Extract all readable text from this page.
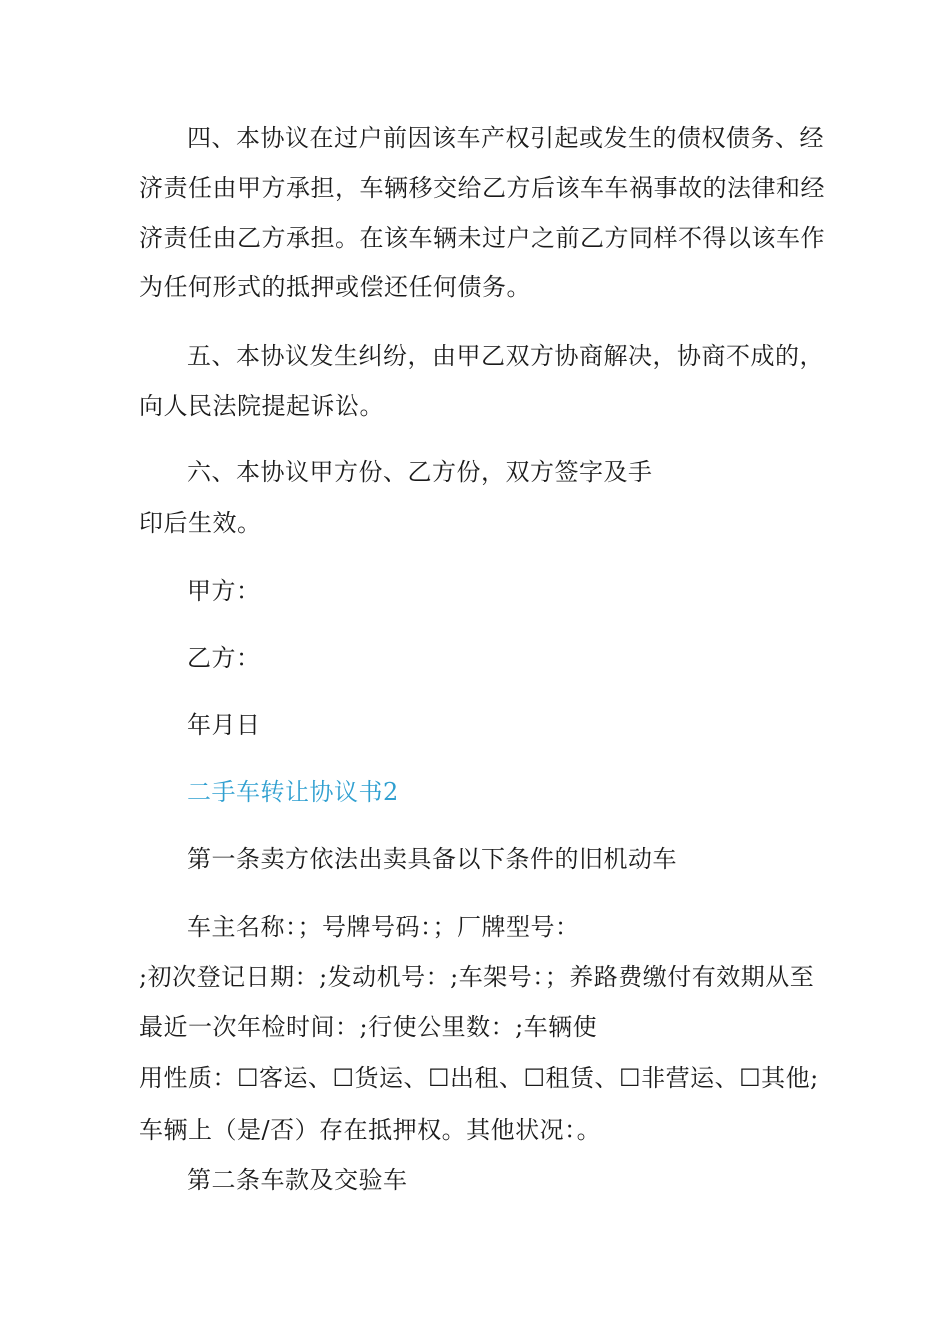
四、本协议在过户前因该车产权引起或发生的债权债务、经
济责任由甲方承担，车辆移交给乙方后该车车祸事故的法律和经
济责任由乙方承担。在该车辆未过户之前乙方同样不得以该车作
为任何形式的抵押或偿还任何债务。
五、本协议发生纠纷，由甲乙双方协商解决，协商不成的，
向人民法院提起诉讼。
六、本协议甲方份、乙方份，双方签字及手
印后生效。
甲方：
乙方：
年月日
二手车转让协议书2
第一条卖方依法出卖具备以下条件的旧机动车
车主名称：；号牌号码：；厂牌型号：
;初次登记日期：;发动机号：;车架号：；养路费缴付有效期从至
最近一次年检时间：;行使公里数：;车辆使
用性质：☐客运、☐货运、☐出租、☐租赁、☐非营运、☐其他;
车辆上（是/否）存在抵押权。其他状况：。
第二条车款及交验车
